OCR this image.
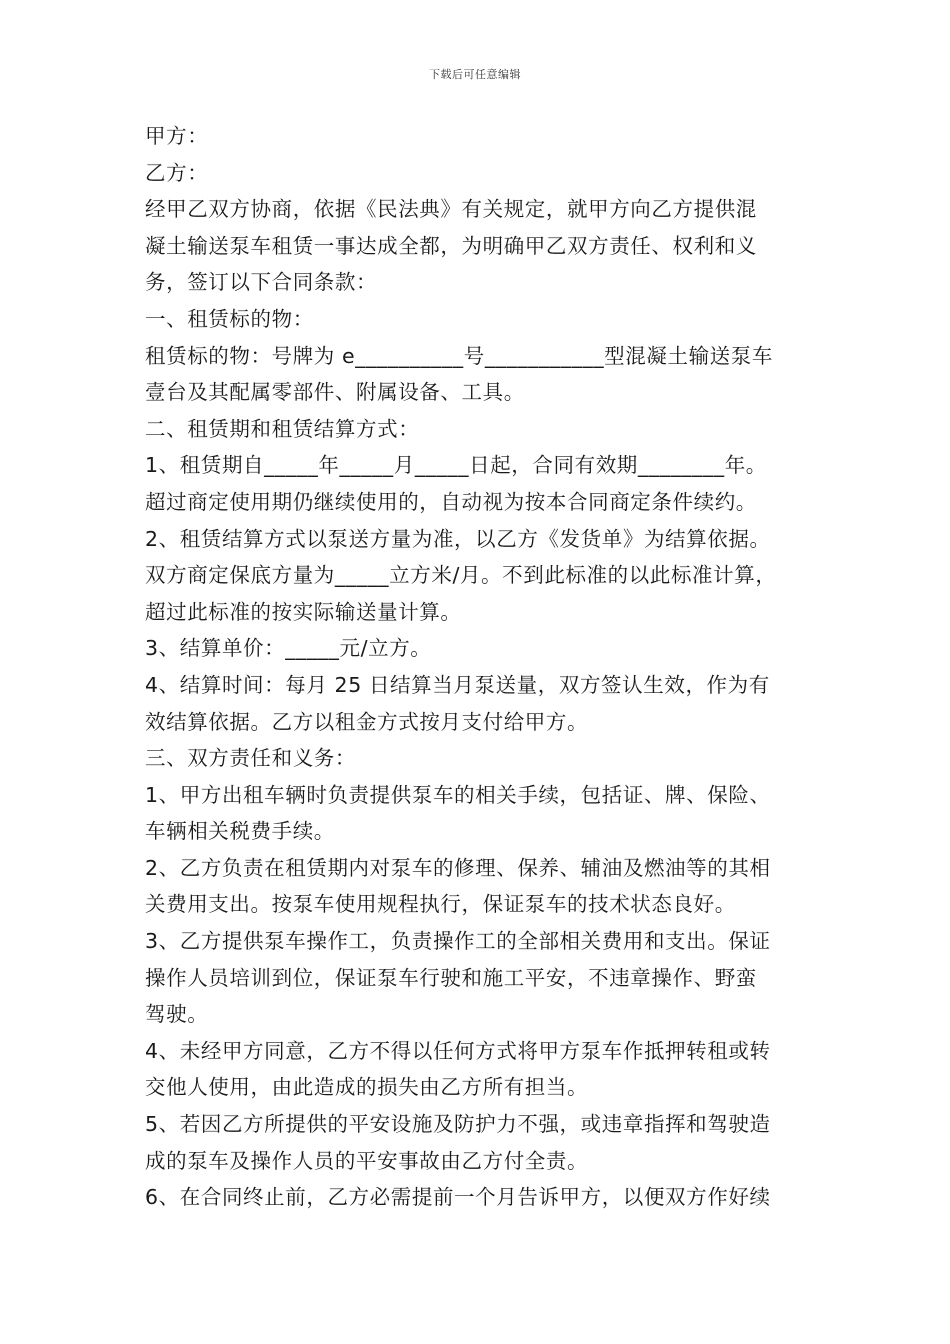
下载后可任意编辑
甲方：
乙方：
经甲乙双方协商，依据《民法典》有关规定，就甲方向乙方提供混
凝土输送泵车租赁一事达成全都，为明确甲乙双方责任、权利和义
务，签订以下合同条款：
一、租赁标的物：
租赁标的物：号牌为 e__________号___________型混凝土输送泵车
壹台及其配属零部件、附属设备、工具。
二、租赁期和租赁结算方式：
1、租赁期自_____年_____月_____日起，合同有效期________年。
超过商定使用期仍继续使用的，自动视为按本合同商定条件续约。
2、租赁结算方式以泵送方量为准，以乙方《发货单》为结算依据。
双方商定保底方量为_____立方米/月。不到此标准的以此标准计算，
超过此标准的按实际输送量计算。
3、结算单价：_____元/立方。
4、结算时间：每月 25 日结算当月泵送量，双方签认生效，作为有
效结算依据。乙方以租金方式按月支付给甲方。
三、双方责任和义务：
1、甲方出租车辆时负责提供泵车的相关手续，包括证、牌、保险、
车辆相关税费手续。
2、乙方负责在租赁期内对泵车的修理、保养、辅油及燃油等的其相
关费用支出。按泵车使用规程执行，保证泵车的技术状态良好。
3、乙方提供泵车操作工，负责操作工的全部相关费用和支出。保证
操作人员培训到位，保证泵车行驶和施工平安，不违章操作、野蛮
驾驶。
4、未经甲方同意，乙方不得以任何方式将甲方泵车作抵押转租或转
交他人使用，由此造成的损失由乙方所有担当。
5、若因乙方所提供的平安设施及防护力不强，或违章指挥和驾驶造
成的泵车及操作人员的平安事故由乙方付全责。
6、在合同终止前，乙方必需提前一个月告诉甲方，以便双方作好续
